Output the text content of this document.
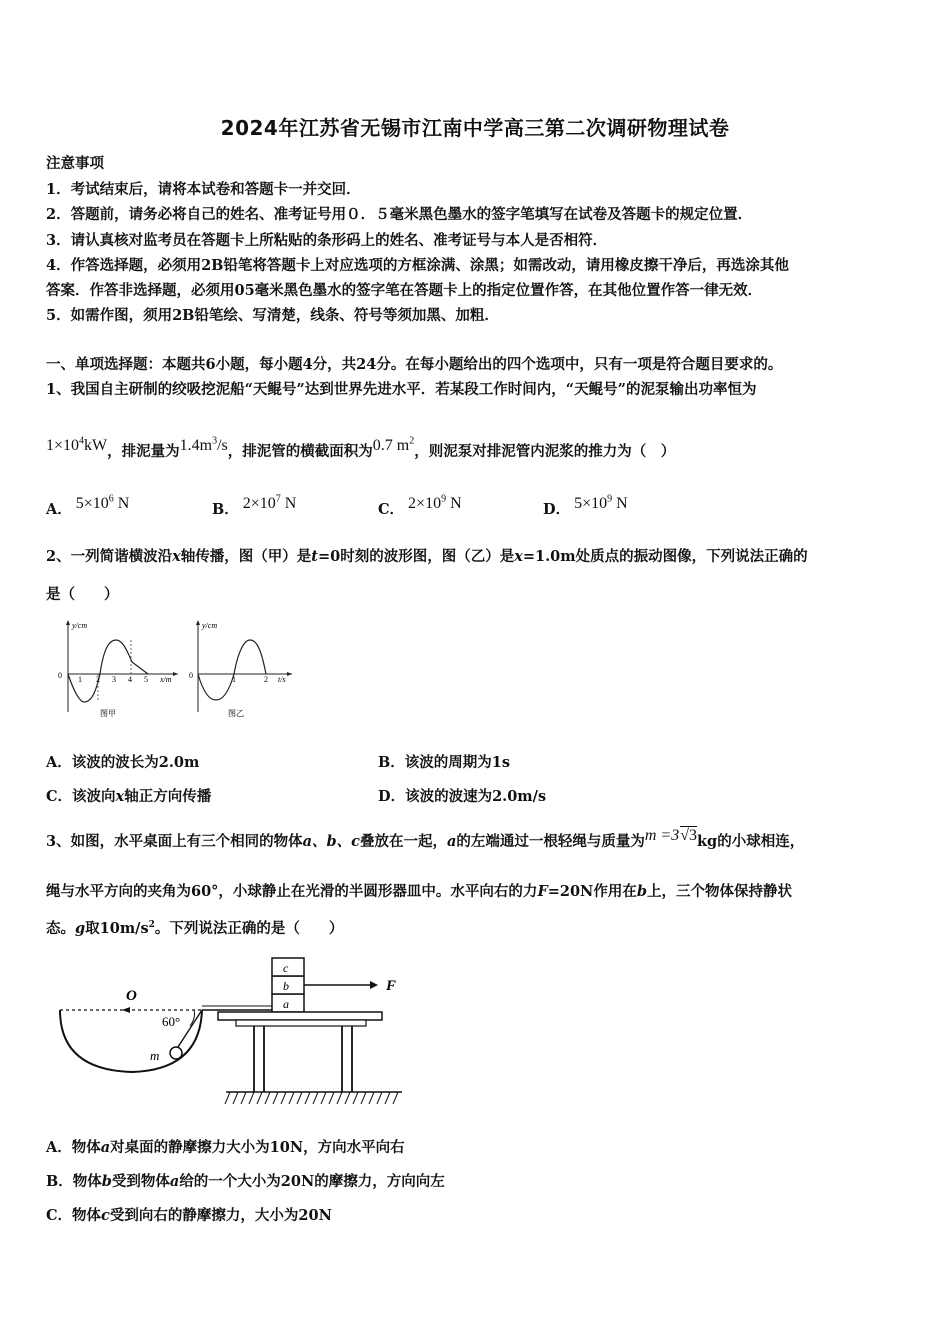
2024年江苏省无锡市江南中学高三第二次调研物理试卷
注意事项
1．考试结束后，请将本试卷和答题卡一并交回．
2．答题前，请务必将自己的姓名、准考证号用０．５毫米黑色墨水的签字笔填写在试卷及答题卡的规定位置．
3．请认真核对监考员在答题卡上所粘贴的条形码上的姓名、准考证号与本人是否相符．
4．作答选择题，必须用2B铅笔将答题卡上对应选项的方框涂满、涂黑；如需改动，请用橡皮擦干净后，再选涂其他
答案．作答非选择题，必须用05毫米黑色墨水的签字笔在答题卡上的指定位置作答，在其他位置作答一律无效．
5．如需作图，须用2B铅笔绘、写清楚，线条、符号等须加黑、加粗．
一、单项选择题：本题共6小题，每小题4分，共24分。在每小题给出的四个选项中，只有一项是符合题目要求的。
1、我国自主研制的绞吸挖泥船“天鲲号”达到世界先进水平．若某段工作时间内，“天鲲号”的泥泵输出功率恒为
$1\times 10^4kW$，排泥量为$1.4m^3/s$，排泥管的横截面积为0.7 $m^2$，则泥泵对排泥管内泥浆的推力为（　）
A． $5\times 10^6$ N	B． $2\times 10^7$ N	C． $2\times 10^9$ N	D． $5\times 10^9$ N
2、一列简谐横波沿x轴传播，图（甲）是t=0时刻的波形图，图（乙）是x=1.0m处质点的振动图像，下列说法正确的
是（　　）
0
y/cm
x/m
1 2 3 4 5
图甲
0
y/cm
t/s
1	2
图乙
A．该波的波长为2.0m	B．该波的周期为1s
C．该波向x轴正方向传播	D．该波的波速为2.0m/s
3、如图，水平桌面上有三个相同的物体a、b、c叠放在一起，a的左端通过一根轻绳与质量为m =3√3kg的小球相连，
绳与水平方向的夹角为60°，小球静止在光滑的半圆形器皿中。水平向右的力F=20N作用在b上，三个物体保持静状
态。g取$10m/s^2$。下列说法正确的是（　　）
O
60°
m
a
b
c
F
A．物体a对桌面的静摩擦力大小为10N，方向水平向右
B．物体b受到物体a给的一个大小为20N的摩擦力，方向向左
C．物体c受到向右的静摩擦力，大小为20N
